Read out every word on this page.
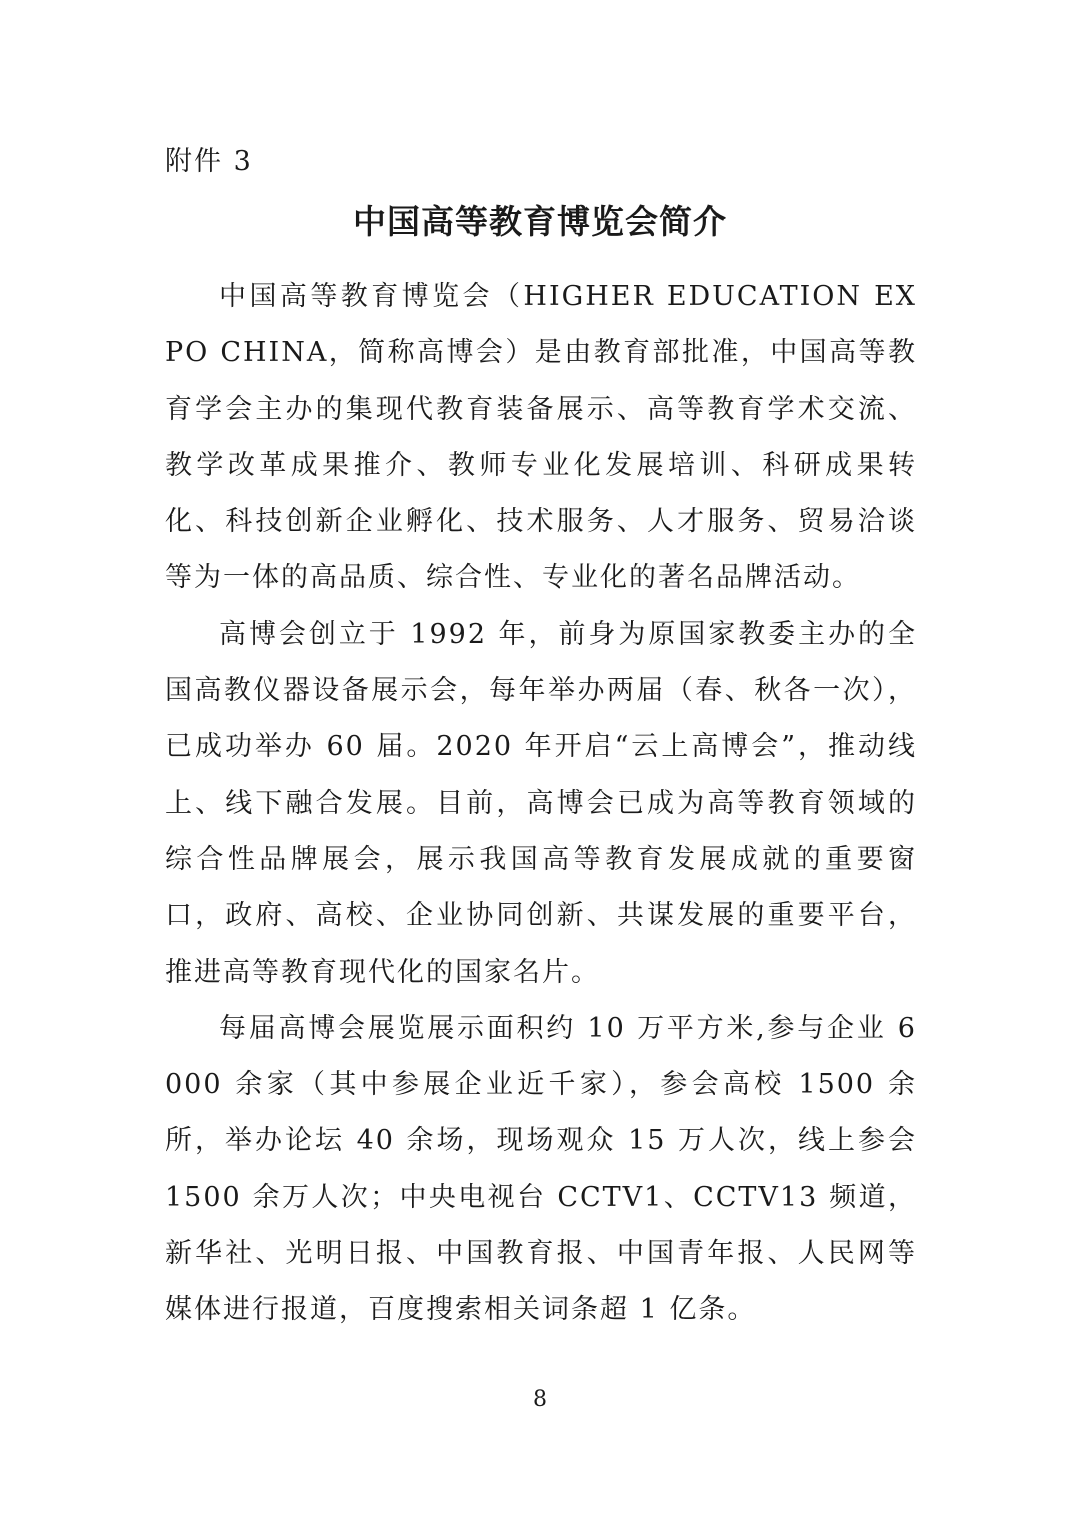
附件 3
中国高等教育博览会简介

中国高等教育博览会（HIGHER EDUCATION EXPO CHINA，简称高博会）是由教育部批准，中国高等教育学会主办的集现代教育装备展示、高等教育学术交流、教学改革成果推介、教师专业化发展培训、科研成果转化、科技创新企业孵化、技术服务、人才服务、贸易洽谈等为一体的高品质、综合性、专业化的著名品牌活动。

高博会创立于 1992 年，前身为原国家教委主办的全国高教仪器设备展示会，每年举办两届（春、秋各一次），已成功举办 60 届。2020 年开启“云上高博会”，推动线上、线下融合发展。目前，高博会已成为高等教育领域的综合性品牌展会，展示我国高等教育发展成就的重要窗口，政府、高校、企业协同创新、共谋发展的重要平台，推进高等教育现代化的国家名片。

每届高博会展览展示面积约 10 万平方米,参与企业 6000 余家（其中参展企业近千家），参会高校 1500 余所，举办论坛 40 余场，现场观众 15 万人次，线上参会 1500 余万人次；中央电视台 CCTV1、CCTV13 频道，新华社、光明日报、中国教育报、中国青年报、人民网等媒体进行报道，百度搜索相关词条超 1 亿条。

8
